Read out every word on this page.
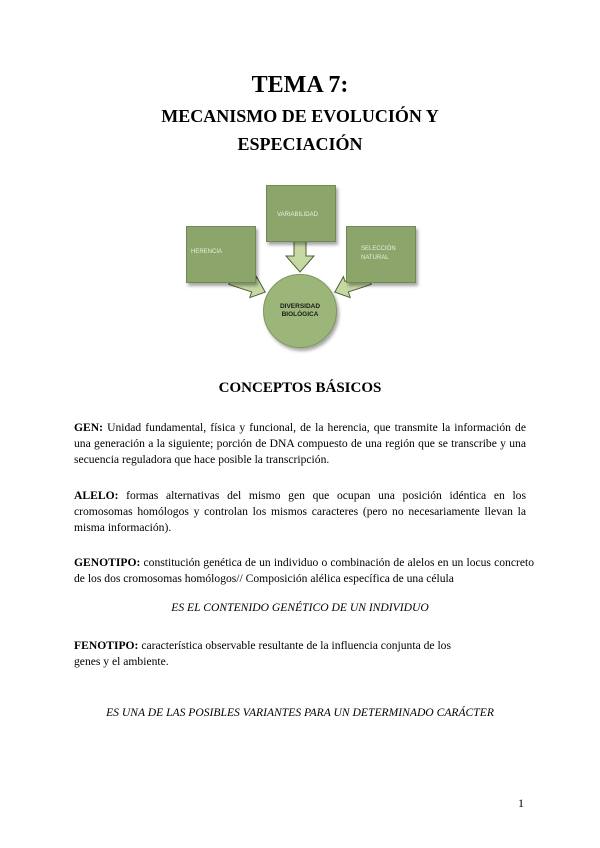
TEMA 7:
MECANISMO DE EVOLUCIÓN Y
ESPECIACIÓN
VARIABILIDAD
HERENCIA	SELECCIÓN NATURAL
DIVERSIDAD BIOLÓGICA
CONCEPTOS BÁSICOS

GEN: Unidad fundamental, física y funcional, de la herencia, que transmite la información de una generación a la siguiente; porción de DNA compuesto de una región que se transcribe y una secuencia reguladora que hace posible la transcripción.

ALELO: formas alternativas del mismo gen que ocupan una posición idéntica en los cromosomas homólogos y controlan los mismos caracteres (pero no necesariamente llevan la misma información).

GENOTIPO: constitución genética de un individuo o combinación de alelos en un locus concreto de los dos cromosomas homólogos// Composición alélica específica de una célula

ES EL CONTENIDO GENÉTICO DE UN INDIVIDUO

FENOTIPO: característica observable resultante de la influencia conjunta de los genes y el ambiente.

ES UNA DE LAS POSIBLES VARIANTES PARA UN DETERMINADO CARÁCTER

1
